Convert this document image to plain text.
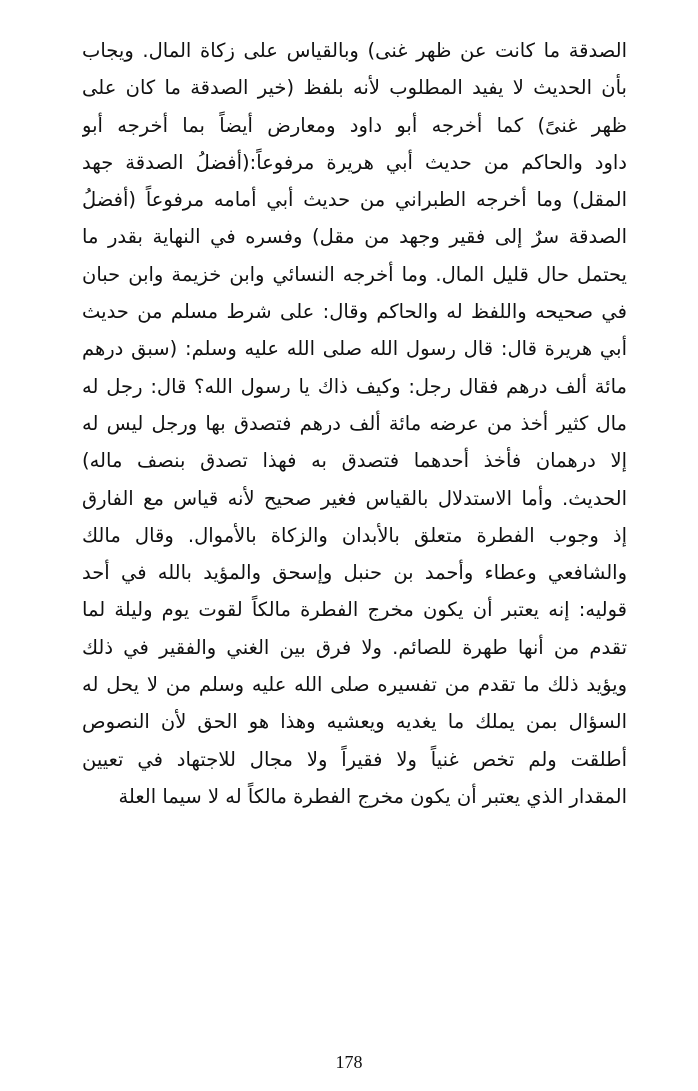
الصدقة ما كانت عن ظهر غنى) وبالقياس على زكاة المال. ويجاب
بأن الحديث لا يفيد المطلوب لأنه بلفظ (خير الصدقة ما كان على
ظهر غنىً) كما أخرجه أبو داود ومعارض أيضاً بما أخرجه أبو
داود والحاكم من حديث أبي هريرة مرفوعاً:(أفضلُ الصدقة جهد
المقل) وما أخرجه الطبراني من حديث أبي أمامه مرفوعاً (أفضلُ
الصدقة سرٌ إلى فقير وجهد من مقل) وفسره في النهاية بقدر ما
يحتمل حال قليل المال. وما أخرجه النسائي وابن خزيمة وابن حبان
في صحيحه واللفظ له والحاكم وقال: على شرط مسلم من حديث
أبي هريرة قال: قال رسول الله صلى الله عليه وسلم: (سبق درهم
مائة ألف درهم فقال رجل: وكيف ذاك يا رسول الله؟ قال: رجل له
مال كثير أخذ من عرضه مائة ألف درهم فتصدق بها ورجل ليس له
إلا درهمان فأخذ أحدهما فتصدق به فهذا تصدق بنصف ماله)
الحديث. وأما الاستدلال بالقياس فغير صحيح لأنه قياس مع الفارق
إذ وجوب الفطرة متعلق بالأبدان والزكاة بالأموال. وقال مالك
والشافعي وعطاء وأحمد بن حنبل وإسحق والمؤيد بالله في أحد
قوليه: إنه يعتبر أن يكون مخرج الفطرة مالكاً لقوت يوم وليلة لما
تقدم من أنها طهرة للصائم. ولا فرق بين الغني والفقير في ذلك
ويؤيد ذلك ما تقدم من تفسيره صلى الله عليه وسلم من لا يحل له
السؤال بمن يملك ما يغديه ويعشيه وهذا هو الحق لأن النصوص
أطلقت ولم تخص غنياً ولا فقيراً ولا مجال للاجتهاد في تعيين
المقدار الذي يعتبر أن يكون مخرج الفطرة مالكاً له لا سيما العلة
178
